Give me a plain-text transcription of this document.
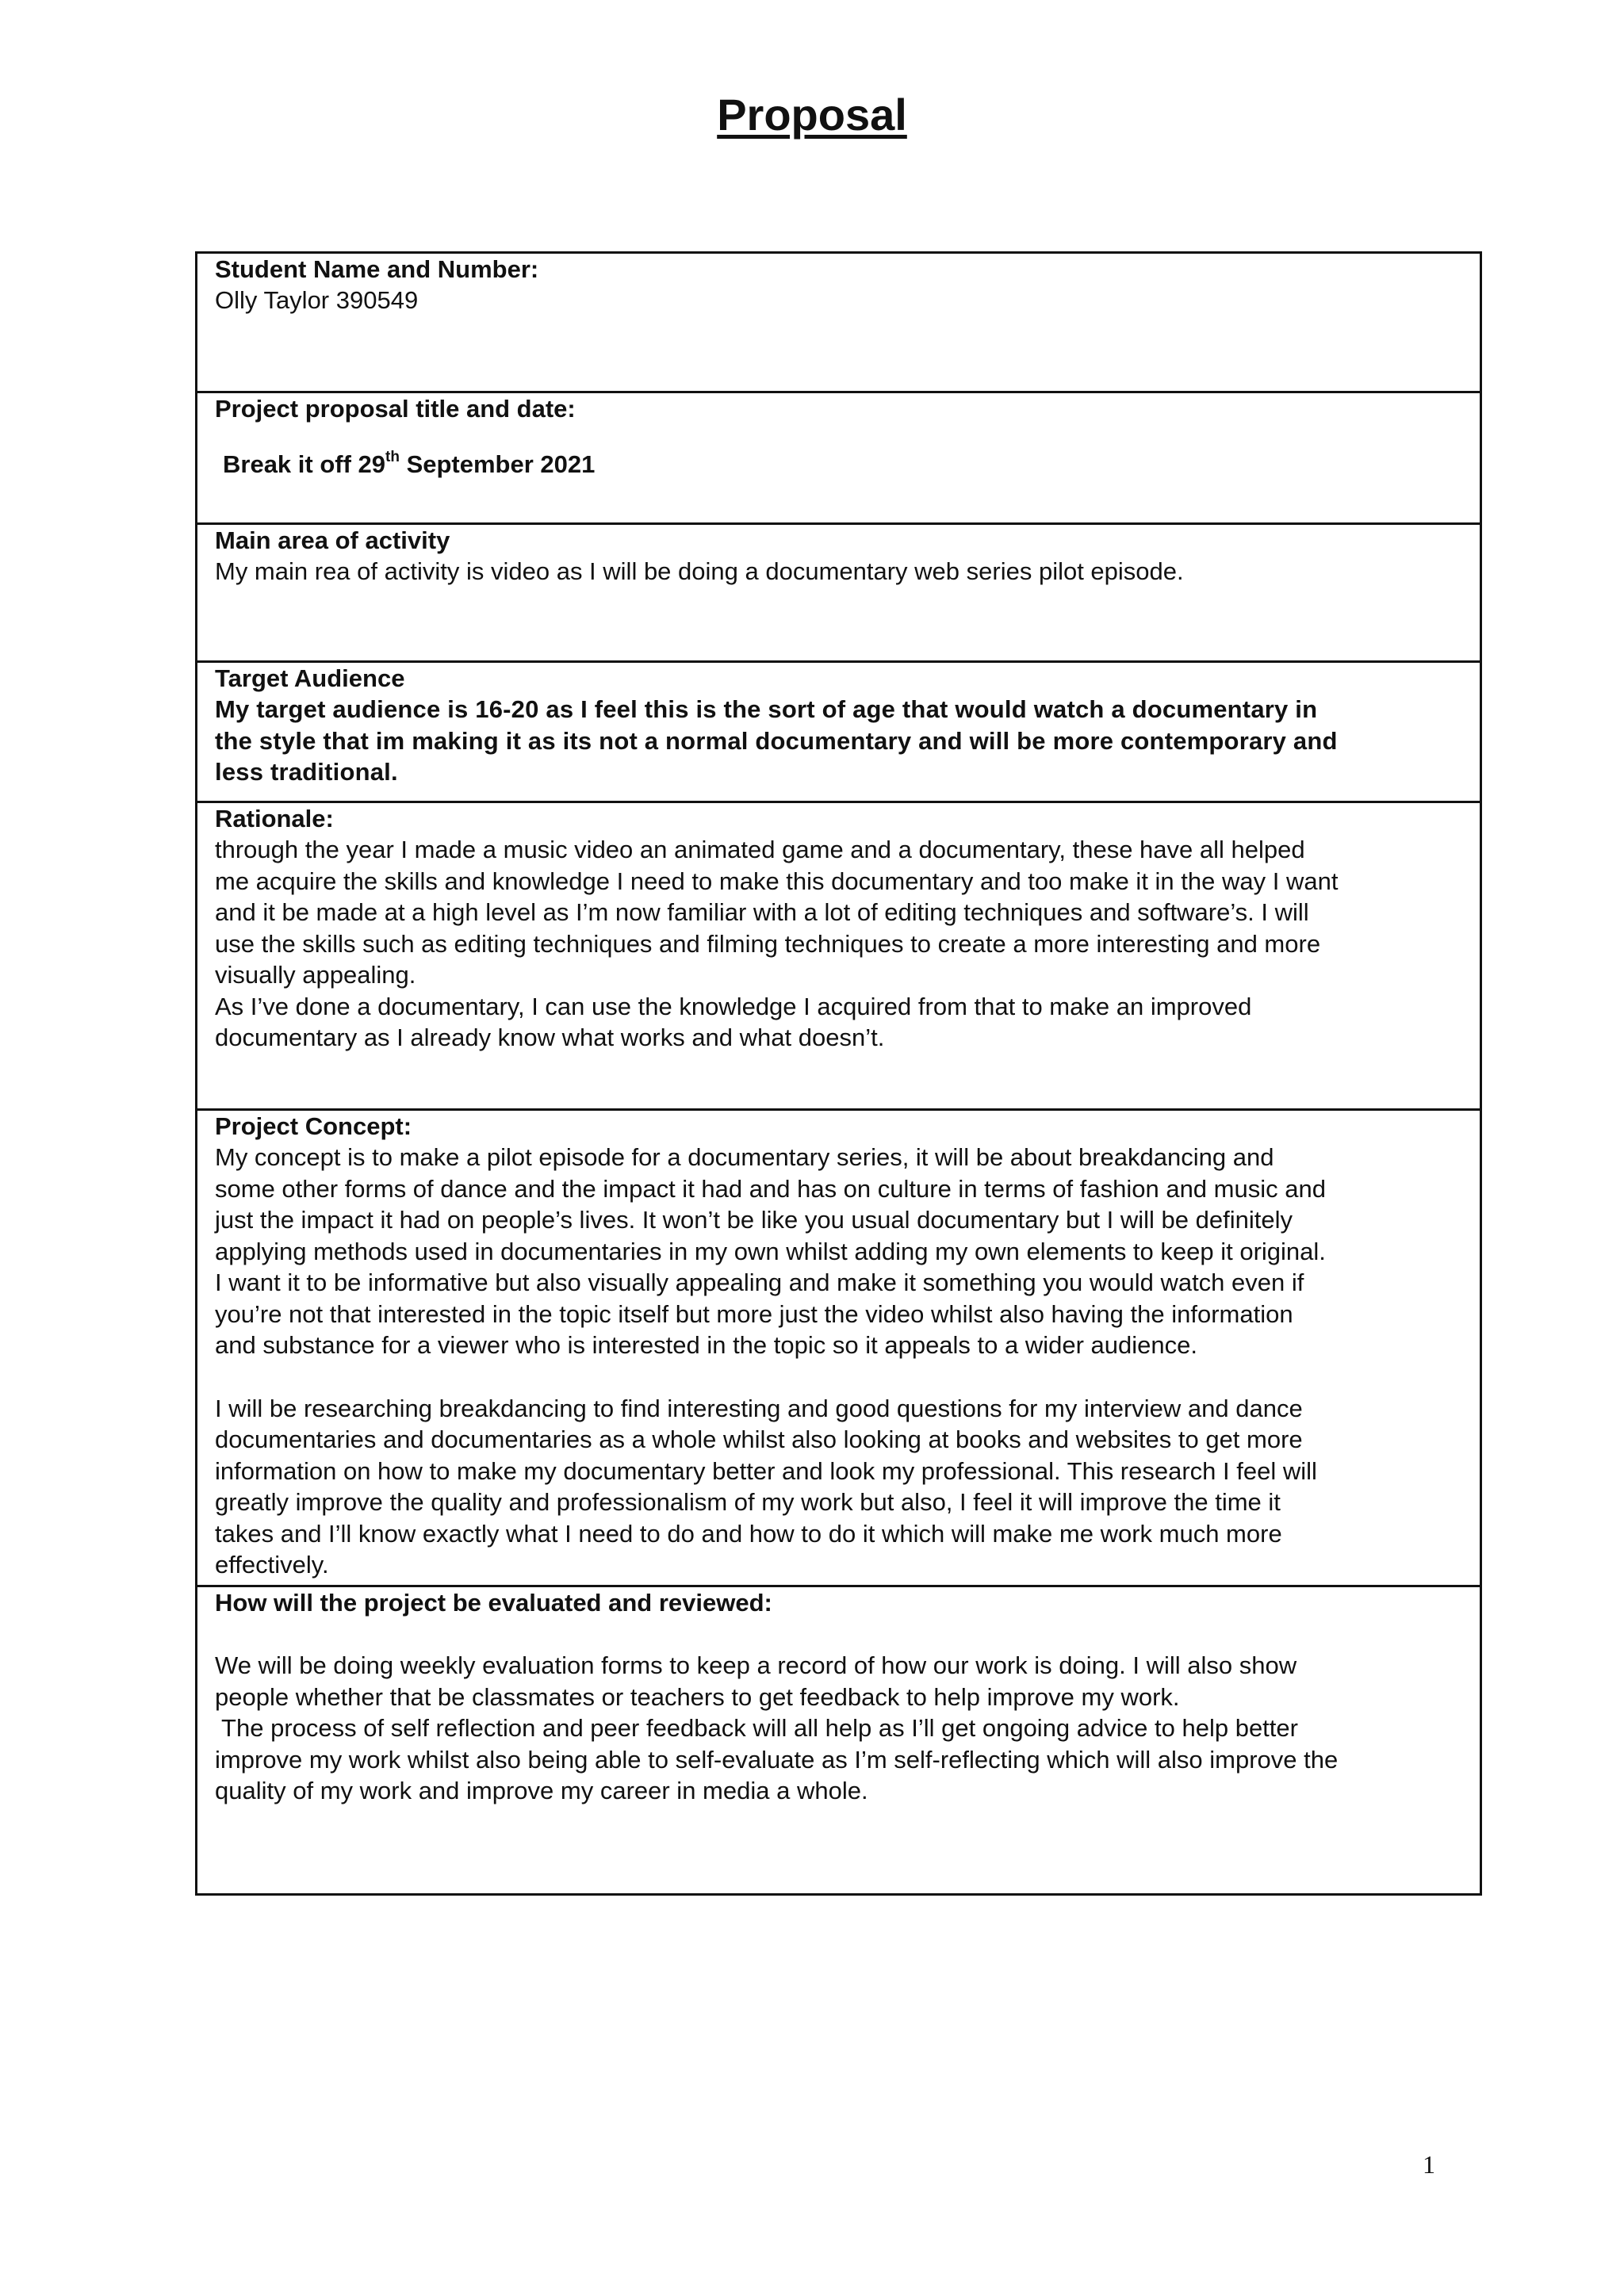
Proposal

Student Name and Number:

Olly Taylor 390549

Project proposal title and date:

Break it off 29th September 2021

Main area of activity

My main rea of activity is video as I will be doing a documentary web series pilot episode.

Target Audience

My target audience is 16-20 as I feel this is the sort of age that would watch a documentary in
the style that im making it as its not a normal documentary and will be more contemporary and
less traditional.

Rationale:

through the year I made a music video an animated game and a documentary, these have all helped
me acquire the skills and knowledge I need to make this documentary and too make it in the way I want
and it be made at a high level as I’m now familiar with a lot of editing techniques and software’s. I will
use the skills such as editing techniques and filming techniques to create a more interesting and more
visually appealing.
As I’ve done a documentary, I can use the knowledge I acquired from that to make an improved
documentary as I already know what works and what doesn’t.

Project Concept:

My concept is to make a pilot episode for a documentary series, it will be about breakdancing and
some other forms of dance and the impact it had and has on culture in terms of fashion and music and
just the impact it had on people’s lives. It won’t be like you usual documentary but I will be definitely
applying methods used in documentaries in my own whilst adding my own elements to keep it original.
I want it to be informative but also visually appealing and make it something you would watch even if
you’re not that interested in the topic itself but more just the video whilst also having the information
and substance for a viewer who is interested in the topic so it appeals to a wider audience.

I will be researching breakdancing to find interesting and good questions for my interview and dance
documentaries and documentaries as a whole whilst also looking at books and websites to get more
information on how to make my documentary better and look my professional. This research I feel will
greatly improve the quality and professionalism of my work but also, I feel it will improve the time it
takes and I’ll know exactly what I need to do and how to do it which will make me work much more
effectively.

How will the project be evaluated and reviewed:

We will be doing weekly evaluation forms to keep a record of how our work is doing. I will also show
people whether that be classmates or teachers to get feedback to help improve my work.
The process of self reflection and peer feedback will all help as I’ll get ongoing advice to help better
improve my work whilst also being able to self-evaluate as I’m self-reflecting which will also improve the
quality of my work and improve my career in media a whole.

1
